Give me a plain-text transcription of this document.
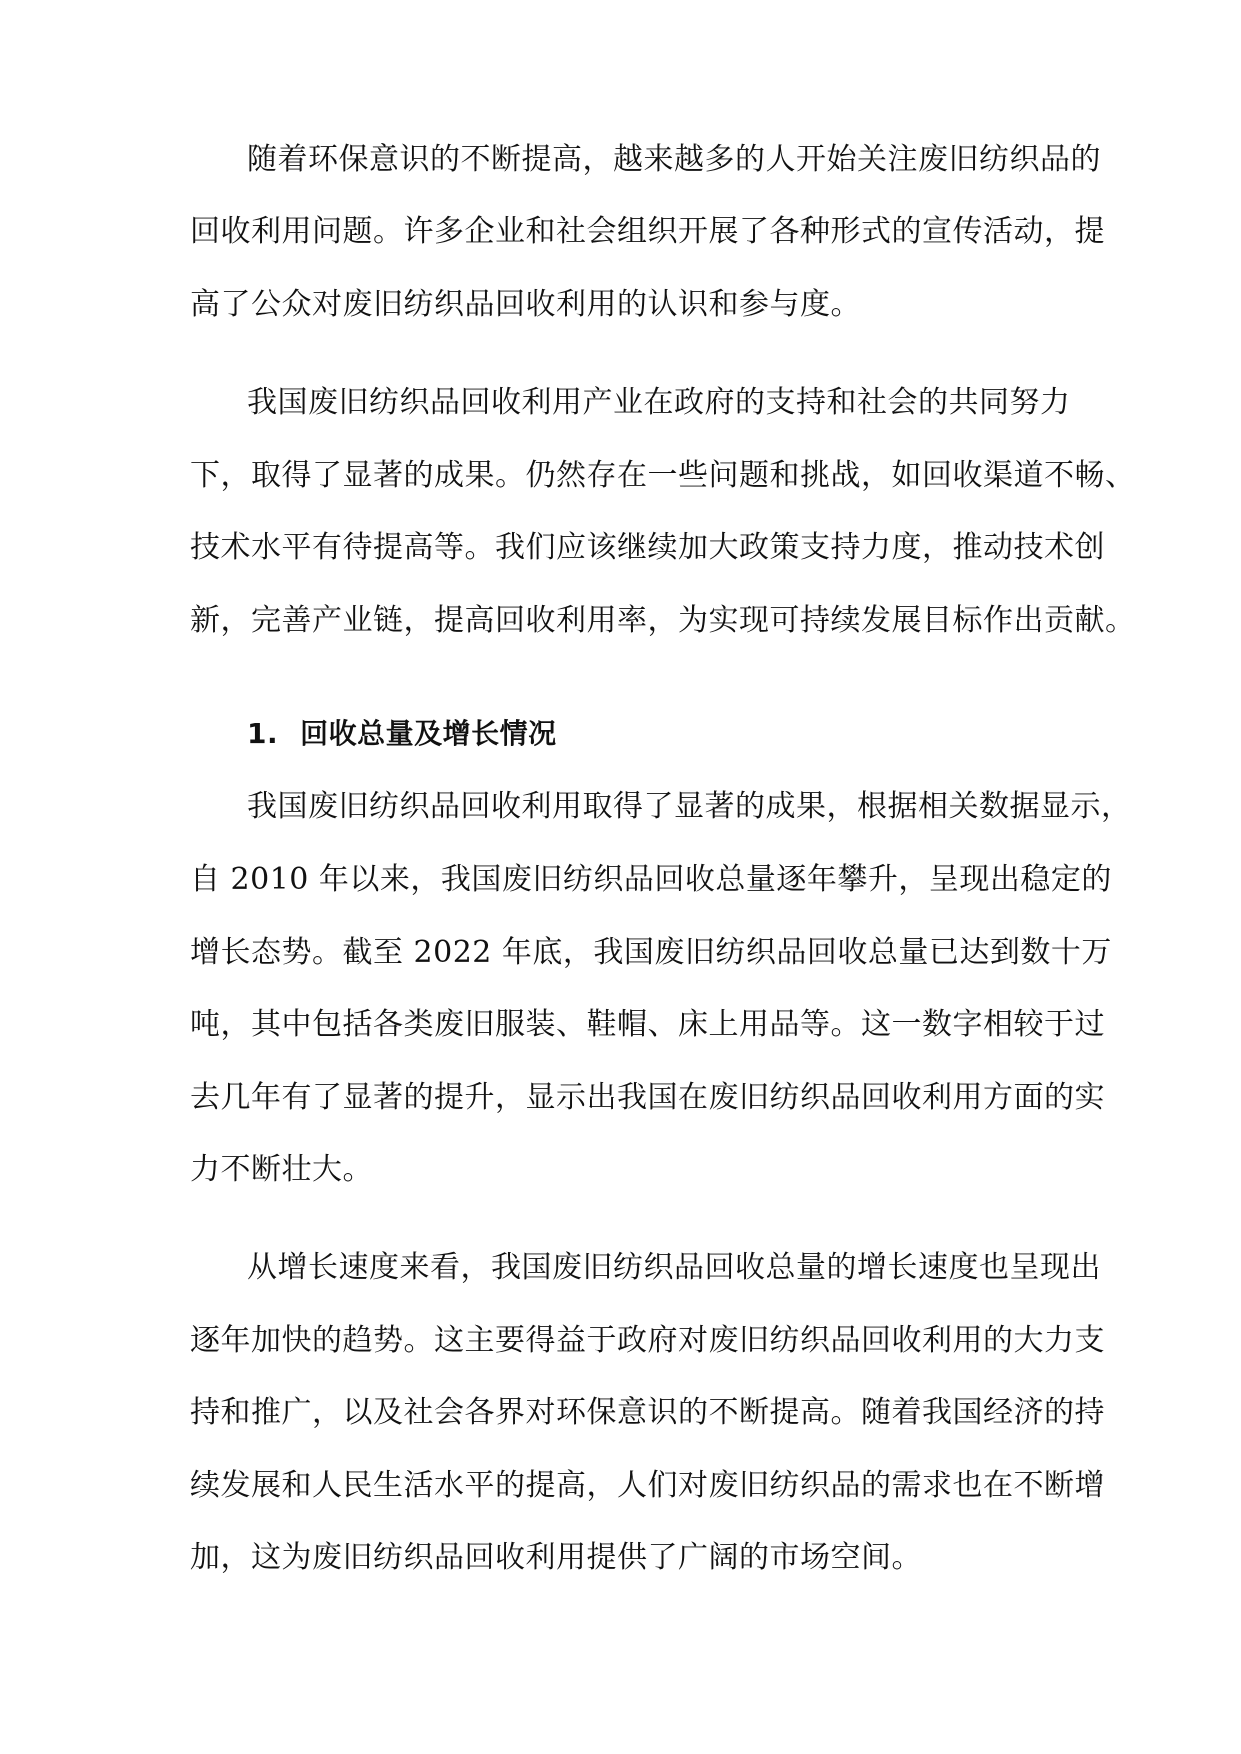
随着环保意识的不断提高，越来越多的人开始关注废旧纺织品的
回收利用问题。许多企业和社会组织开展了各种形式的宣传活动，提
高了公众对废旧纺织品回收利用的认识和参与度。
我国废旧纺织品回收利用产业在政府的支持和社会的共同努力
下，取得了显著的成果。仍然存在一些问题和挑战，如回收渠道不畅、
技术水平有待提高等。我们应该继续加大政策支持力度，推动技术创
新，完善产业链，提高回收利用率，为实现可持续发展目标作出贡献。
1. 回收总量及增长情况
我国废旧纺织品回收利用取得了显著的成果，根据相关数据显示，
自 2010 年以来，我国废旧纺织品回收总量逐年攀升，呈现出稳定的
增长态势。截至 2022 年底，我国废旧纺织品回收总量已达到数十万
吨，其中包括各类废旧服装、鞋帽、床上用品等。这一数字相较于过
去几年有了显著的提升，显示出我国在废旧纺织品回收利用方面的实
力不断壮大。
从增长速度来看，我国废旧纺织品回收总量的增长速度也呈现出
逐年加快的趋势。这主要得益于政府对废旧纺织品回收利用的大力支
持和推广，以及社会各界对环保意识的不断提高。随着我国经济的持
续发展和人民生活水平的提高，人们对废旧纺织品的需求也在不断增
加，这为废旧纺织品回收利用提供了广阔的市场空间。
